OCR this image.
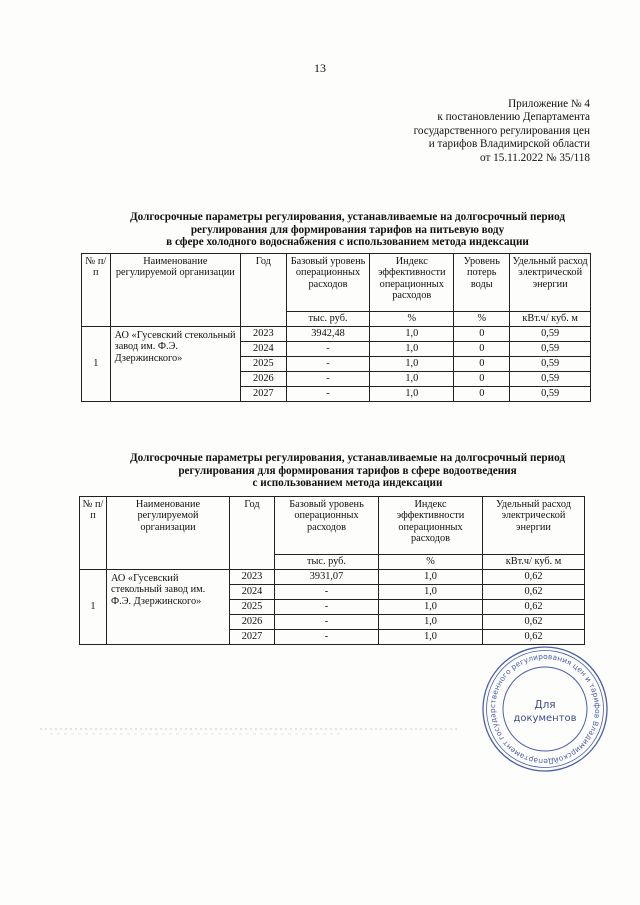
13
Приложение № 4
к постановлению Департамента
государственного регулирования цен
и тарифов Владимирской области
от 15.11.2022 № 35/118
Долгосрочные параметры регулирования, устанавливаемые на долгосрочный период
регулирования для формирования тарифов на питьевую воду
в сфере холодного водоснабжения с использованием метода индексации
№ п/п	Наименование регулируемой организации	Год	Базовый уровень операционных расходов	Индекс эффективности операционных расходов	Уровень потерь воды	Удельный расход электрической энергии
			тыс. руб.	%	%	кВт.ч/ куб. м
1	АО «Гусевский стекольный завод им. Ф.Э. Дзержинского»	2023	3942,48	1,0	0	0,59
		2024	-	1,0	0	0,59
		2025	-	1,0	0	0,59
		2026	-	1,0	0	0,59
		2027	-	1,0	0	0,59
Долгосрочные параметры регулирования, устанавливаемые на долгосрочный период
регулирования для формирования тарифов в сфере водоотведения
с использованием метода индексации
№ п/п	Наименование регулируемой организации	Год	Базовый уровень операционных расходов	Индекс эффективности операционных расходов	Удельный расход электрической энергии
			тыс. руб.	%	кВт.ч/ куб. м
1	АО «Гусевский стекольный завод им. Ф.Э. Дзержинского»	2023	3931,07	1,0	0,62
		2024	-	1,0	0,62
		2025	-	1,0	0,62
		2026	-	1,0	0,62
		2027	-	1,0	0,62
Департамент государственного регулирования цен и тарифов Владимирской
Для
документов
